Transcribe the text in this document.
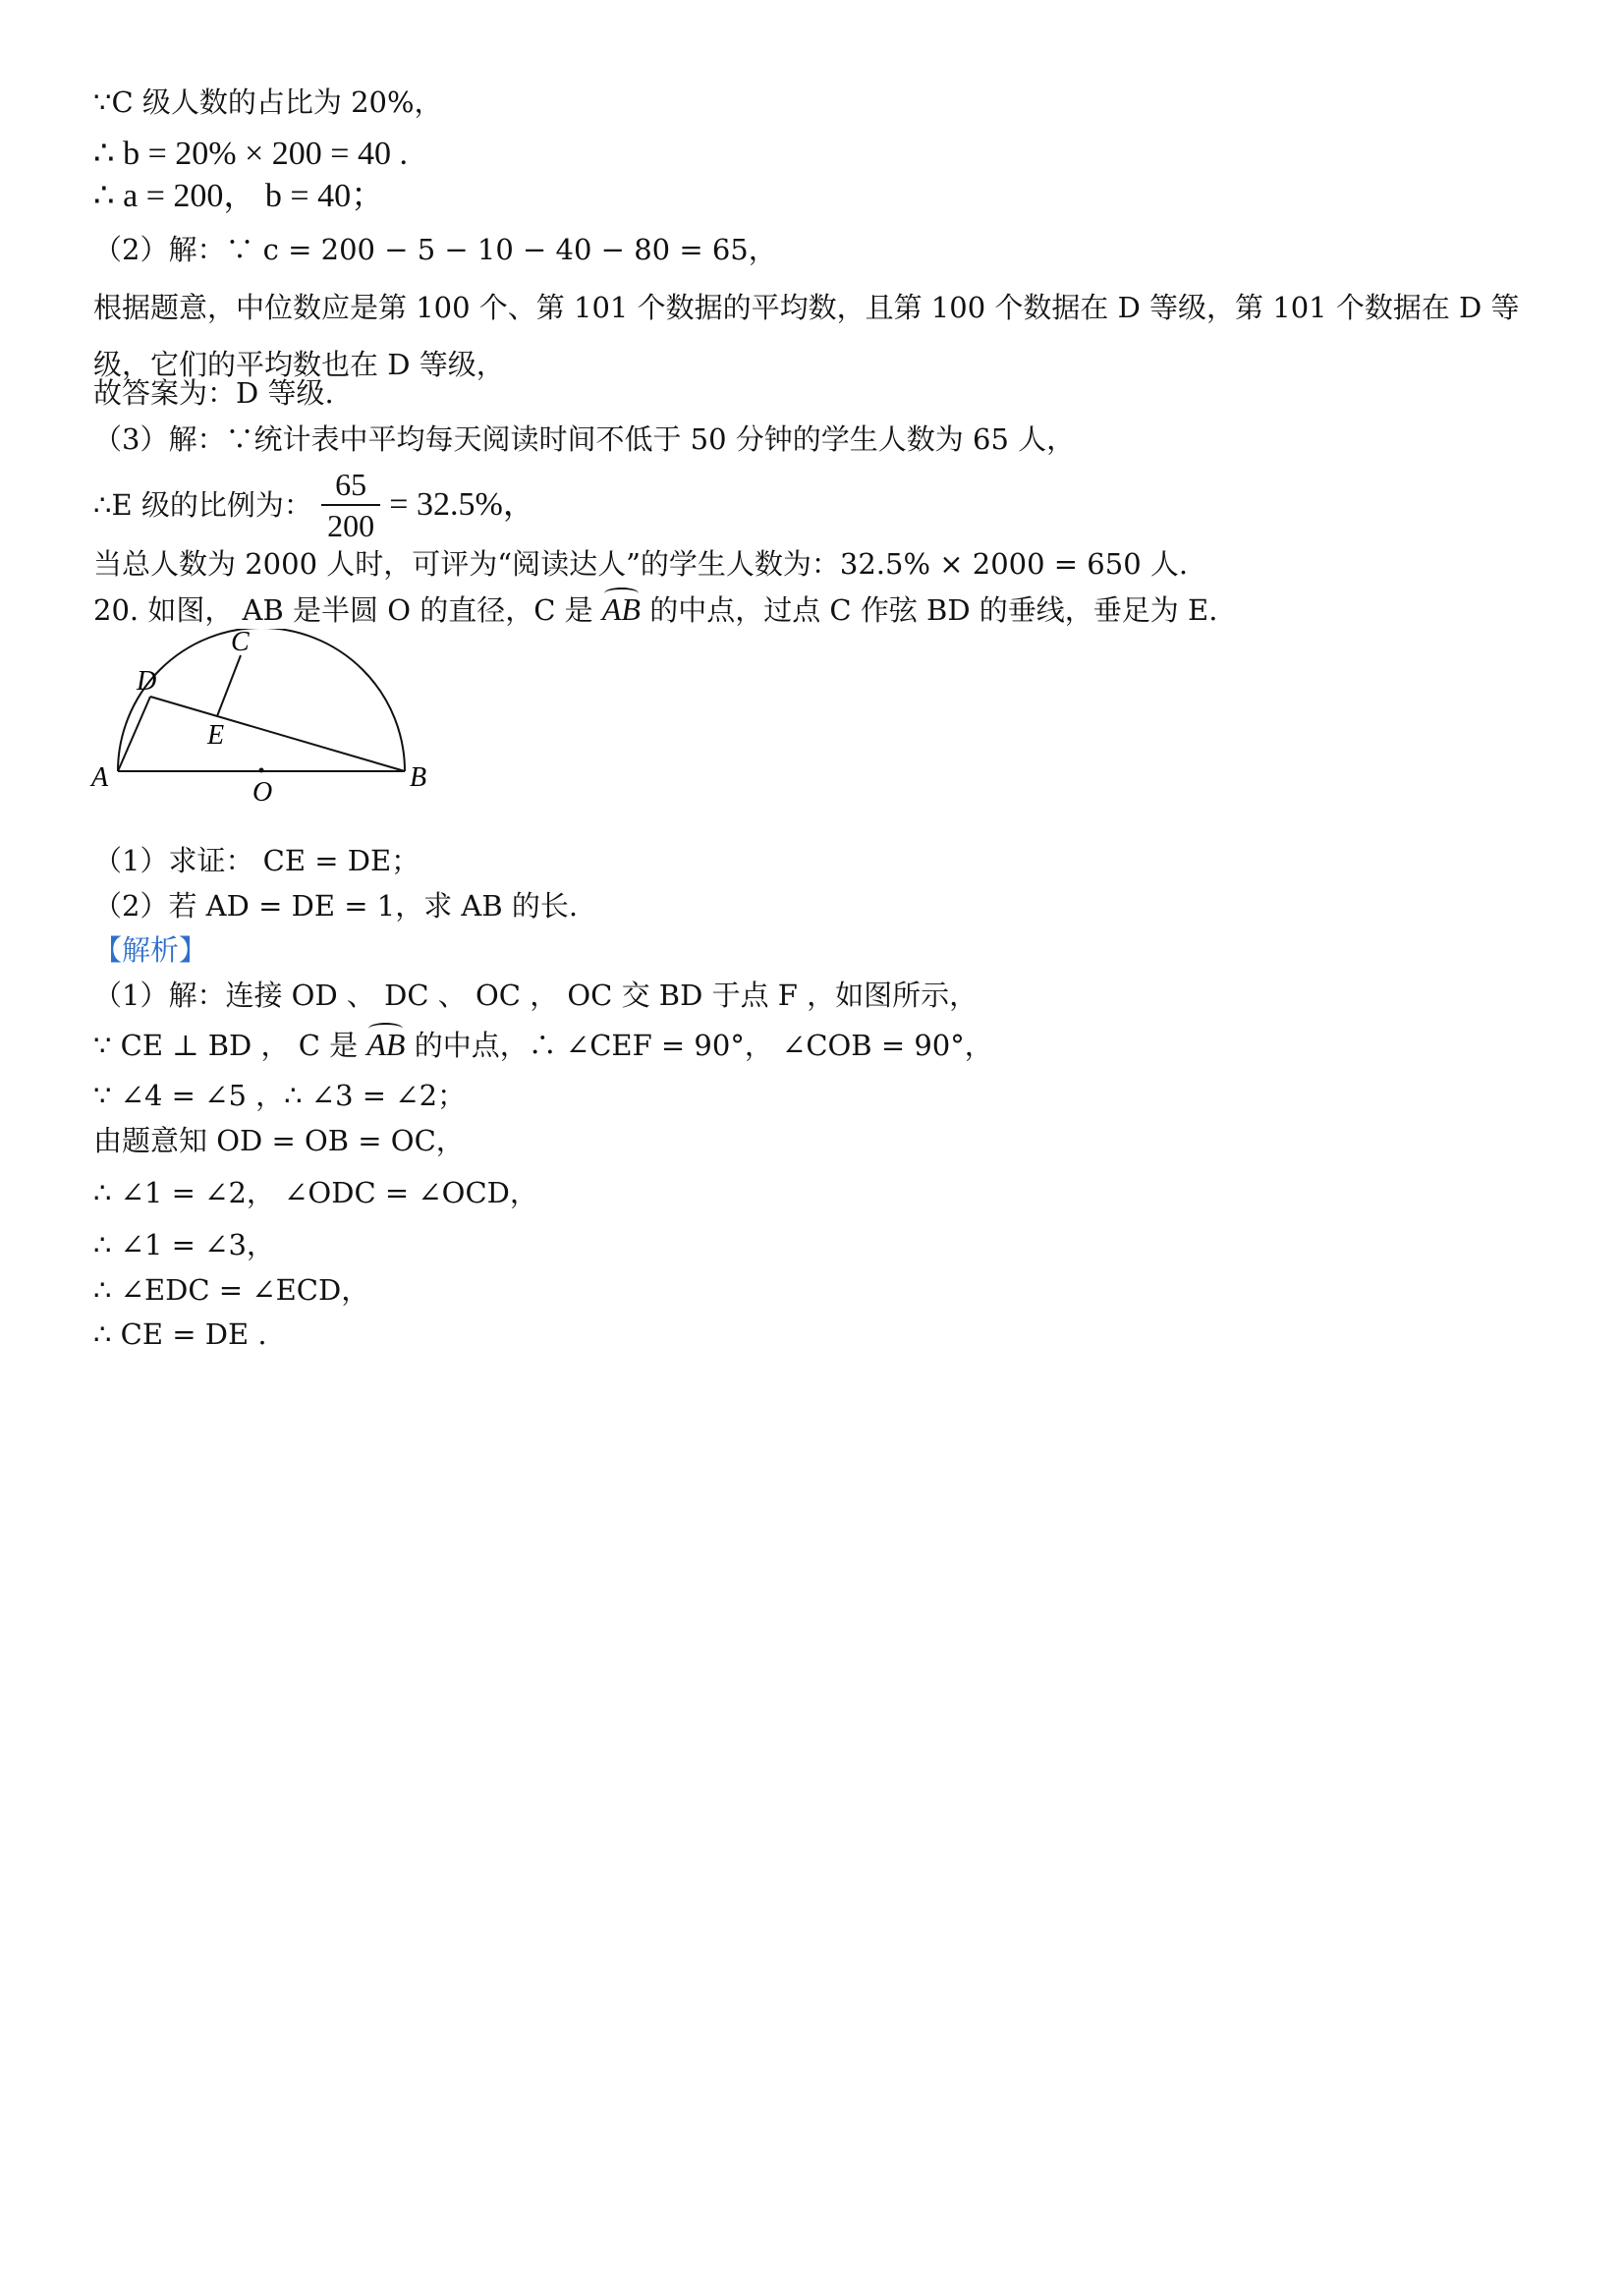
∵C 级人数的占比为 20%，
∴ b = 20% × 200 = 40 .
∴ a = 200， b = 40；
（2）解：∵ c = 200 − 5 − 10 − 40 − 80 = 65，
根据题意，中位数应是第 100 个、第 101 个数据的平均数，且第 100 个数据在 D 等级，第 101 个数据在 D 等级，它们的平均数也在 D 等级，
故答案为：D 等级.
（3）解：∵统计表中平均每天阅读时间不低于 50 分钟的学生人数为 65 人，
∴E 级的比例为： $\frac{65}{200} = 32.5\%$，
当总人数为 2000 人时，可评为“阅读达人”的学生人数为：32.5% × 2000 = 650 人.
20. 如图， AB 是半圆 O 的直径，C 是 AB 的中点，过点 C 作弦 BD 的垂线，垂足为 E.
C
A	B
O
D
E
（1）求证： CE = DE；
（2）若 AD = DE = 1，求 AB 的长.
【解析】
（1）解：连接 OD 、 DC 、 OC ， OC 交 BD 于点 F ，如图所示，
∵ CE ⊥ BD ， C 是 AB 的中点，∴ ∠CEF = 90°， ∠COB = 90°，
∵ ∠4 = ∠5 ，∴ ∠3 = ∠2；
由题意知 OD = OB = OC，
∴ ∠1 = ∠2， ∠ODC = ∠OCD，
∴ ∠1 = ∠3，
∴ ∠EDC = ∠ECD，
∴ CE = DE .
